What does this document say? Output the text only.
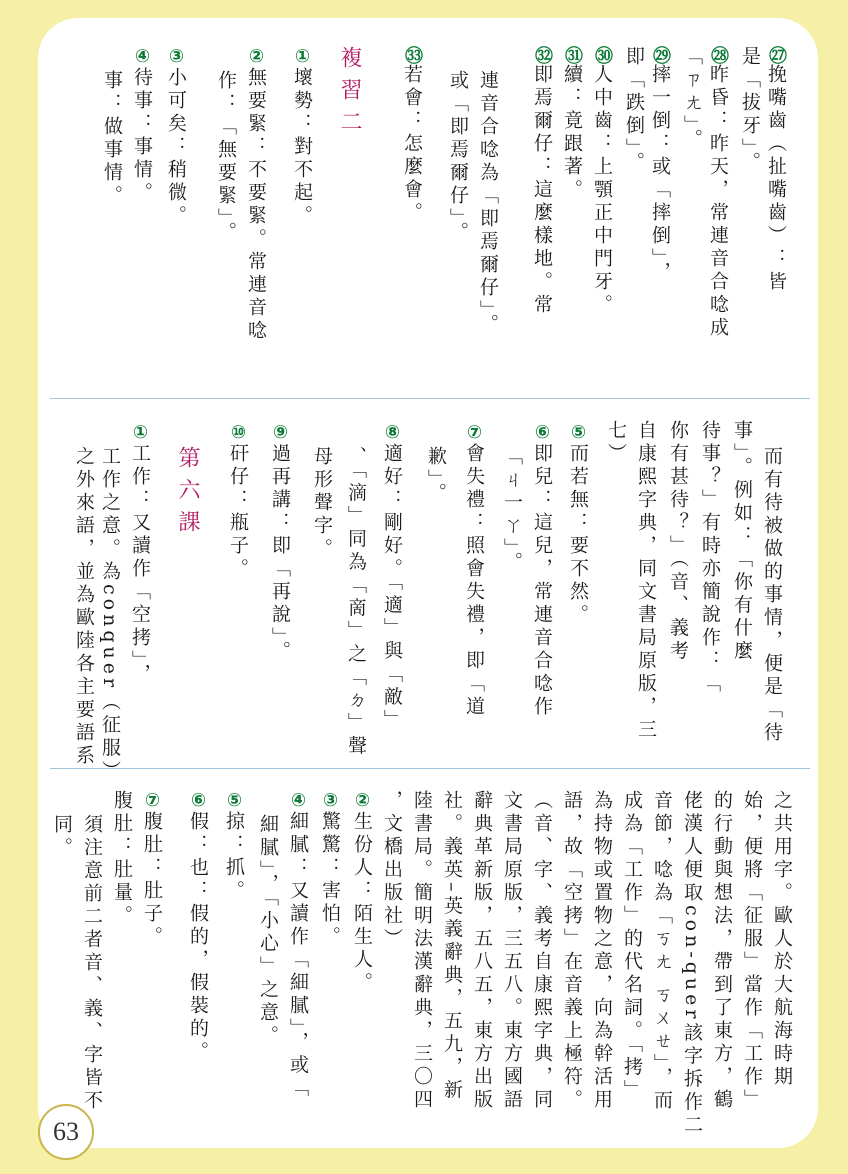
㉗挽嘴齒（扯嘴齒）：皆
是「拔牙」。
㉘昨昏：昨天，常連音合唸成
「ㄗㄤ」。
㉙摔一倒：或「摔倒」，
即「跌倒」。
㉚人中齒：上顎正中門牙。
㉛續：竟跟著。
㉜即焉爾仔：這麼樣地。常
連音合唸為「即焉爾仔」。
或「即焉爾仔」。
㉝若會：怎麼會。
複習二
①壞勢：對不起。
②無要緊：不要緊。常連音唸
作：「無要緊」。
③小可矣：稍微。
④待事：事情。
事：做事情。
而有待被做的事情，便是「待
事」。例如：「你有什麼
待事？」有時亦簡說作：「
你有甚待？」（音、義考
自康熙字典，同文書局原版，三
七）
⑤而若無：要不然。
⑥即兒：這兒，常連音合唸作
「ㄐ一ㄚ」。
⑦會失禮：照會失禮，即「道
歉」。
⑧適好：剛好。「適」與「敵」
、「滴」同為「啇」之「ㄉ」聲
母形聲字。
⑨過再講：即「再說」。
⑩矸仔：瓶子。
第六課
①工作：又讀作「空拷」，
工作之意。為conquer（征服）
之外來語，並為歐陸各主要語系
之共用字。歐人於大航海時期
始，便將「征服」當作「工作」
的行動與想法，帶到了東方，鶴
佬漢人便取con-quer該字拆作二
音節，唸為「ㄎㄤ ㄎㄨㄝ」，而
成為「工作」的代名詞。「拷」
為持物或置物之意，向為幹活用
語，故「空拷」在音義上極符。
（音、字、義考自康熙字典，同
文書局原版，三五八。東方國語
辭典革新版，五八五，東方出版
社。義英–英義辭典，五九，新
陸書局。簡明法漢辭典，三〇四
，文橋出版社）
②生份人：陌生人。
③驚驚：害怕。
④細膩：又讀作「細膩」，或「
細膩」，「小心」之意。
⑤掠：抓。
⑥假：也：假的，假裝的。
⑦腹肚：肚子。
腹肚：肚量。
須注意前二者音、義、字皆不
同。
63
